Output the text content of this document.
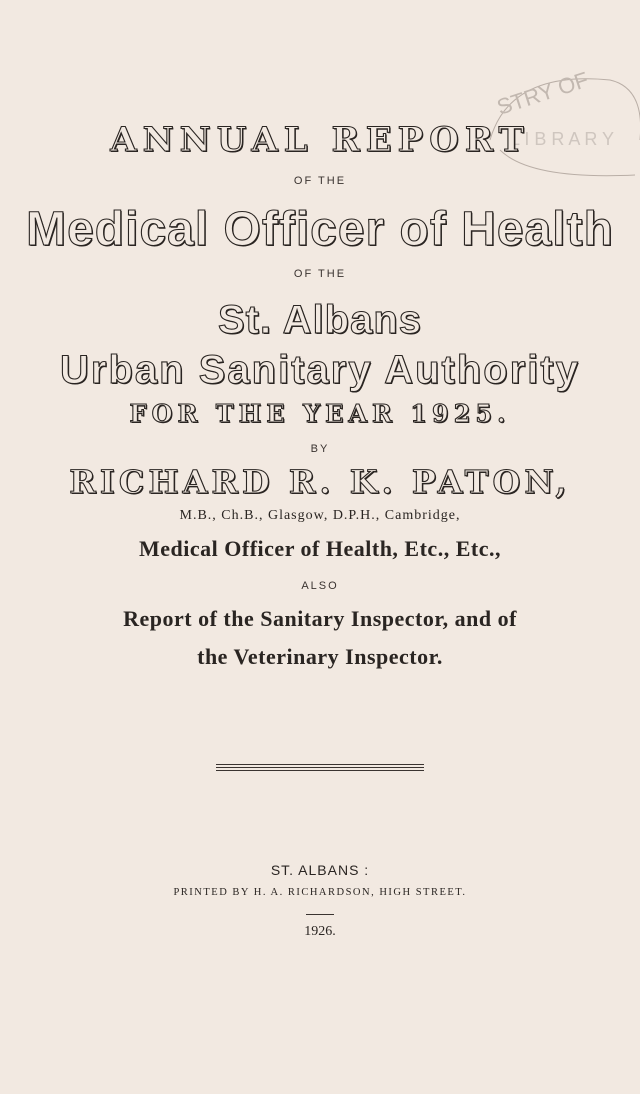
STRY OF
L I B R A R Y
ANNUAL REPORT
OF THE
Medical Officer of Health
OF THE
St. Albans
Urban Sanitary Authority
FOR THE YEAR 1925.
BY
RICHARD R. K. PATON,
M.B., Ch.B., Glasgow, D.P.H., Cambridge,
Medical Officer of Health, Etc., Etc.,
ALSO
Report of the Sanitary Inspector, and of
the Veterinary Inspector.
ST. ALBANS :
PRINTED BY H. A. RICHARDSON, HIGH STREET.
1926.
